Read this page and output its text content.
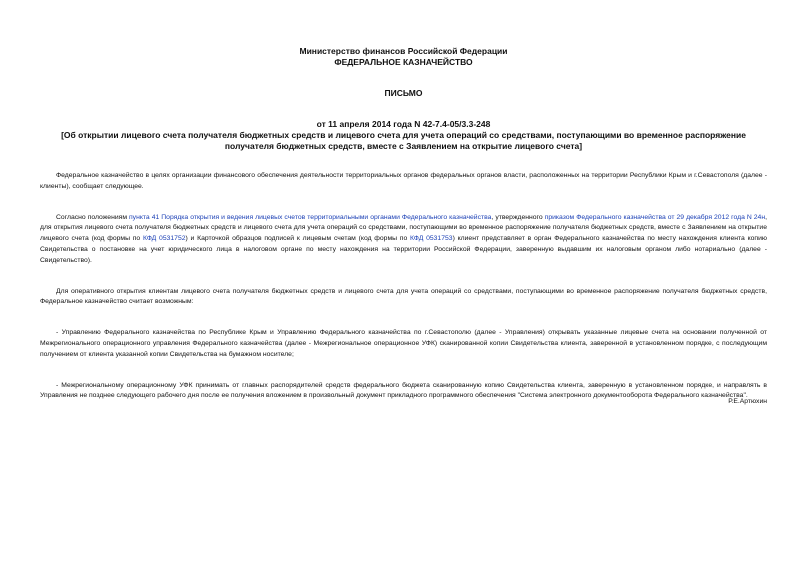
Министерство финансов Российской Федерации
ФЕДЕРАЛЬНОЕ КАЗНАЧЕЙСТВО
ПИСЬМО
от 11 апреля 2014 года N 42-7.4-05/3.3-248
[Об открытии лицевого счета получателя бюджетных средств и лицевого счета для учета операций со средствами, поступающими во временное распоряжение получателя бюджетных средств, вместе с Заявлением на открытие лицевого счета]

Федеральное казначейство в целях организации финансового обеспечения деятельности территориальных органов федеральных органов власти, расположенных на территории Республики Крым и г.Севастополя (далее - клиенты), сообщает следующее.

Согласно положениям пункта 41 Порядка открытия и ведения лицевых счетов территориальными органами Федерального казначейства, утвержденного приказом Федерального казначейства от 29 декабря 2012 года N 24н, для открытия лицевого счета получателя бюджетных средств и лицевого счета для учета операций со средствами, поступающими во временное распоряжение получателя бюджетных средств, вместе с Заявлением на открытие лицевого счета (код формы по КФД 0531752) и Карточкой образцов подписей к лицевым счетам (код формы по КФД 0531753) клиент представляет в орган Федерального казначейства по месту нахождения клиента копию Свидетельства о постановке на учет юридического лица в налоговом органе по месту нахождения на территории Российской Федерации, заверенную выдавшим их налоговым органом либо нотариально (далее - Свидетельство).

Для оперативного открытия клиентам лицевого счета получателя бюджетных средств и лицевого счета для учета операций со средствами, поступающими во временное распоряжение получателя бюджетных средств, Федеральное казначейство считает возможным:

- Управлению Федерального казначейства по Республике Крым и Управлению Федерального казначейства по г.Севастополю (далее - Управления) открывать указанные лицевые счета на основании полученной от Межрегионального операционного управления Федерального казначейства (далее - Межрегиональное операционное УФК) сканированной копии Свидетельства клиента, заверенной в установленном порядке, с последующим получением от клиента указанной копии Свидетельства на бумажном носителе;

- Межрегиональному операционному УФК принимать от главных распорядителей средств федерального бюджета сканированную копию Свидетельства клиента, заверенную в установленном порядке, и направлять в Управления не позднее следующего рабочего дня после ее получения вложением в произвольный документ прикладного программного обеспечения "Система электронного документооборота Федерального казначейства".

Р.Е.Артюхин
